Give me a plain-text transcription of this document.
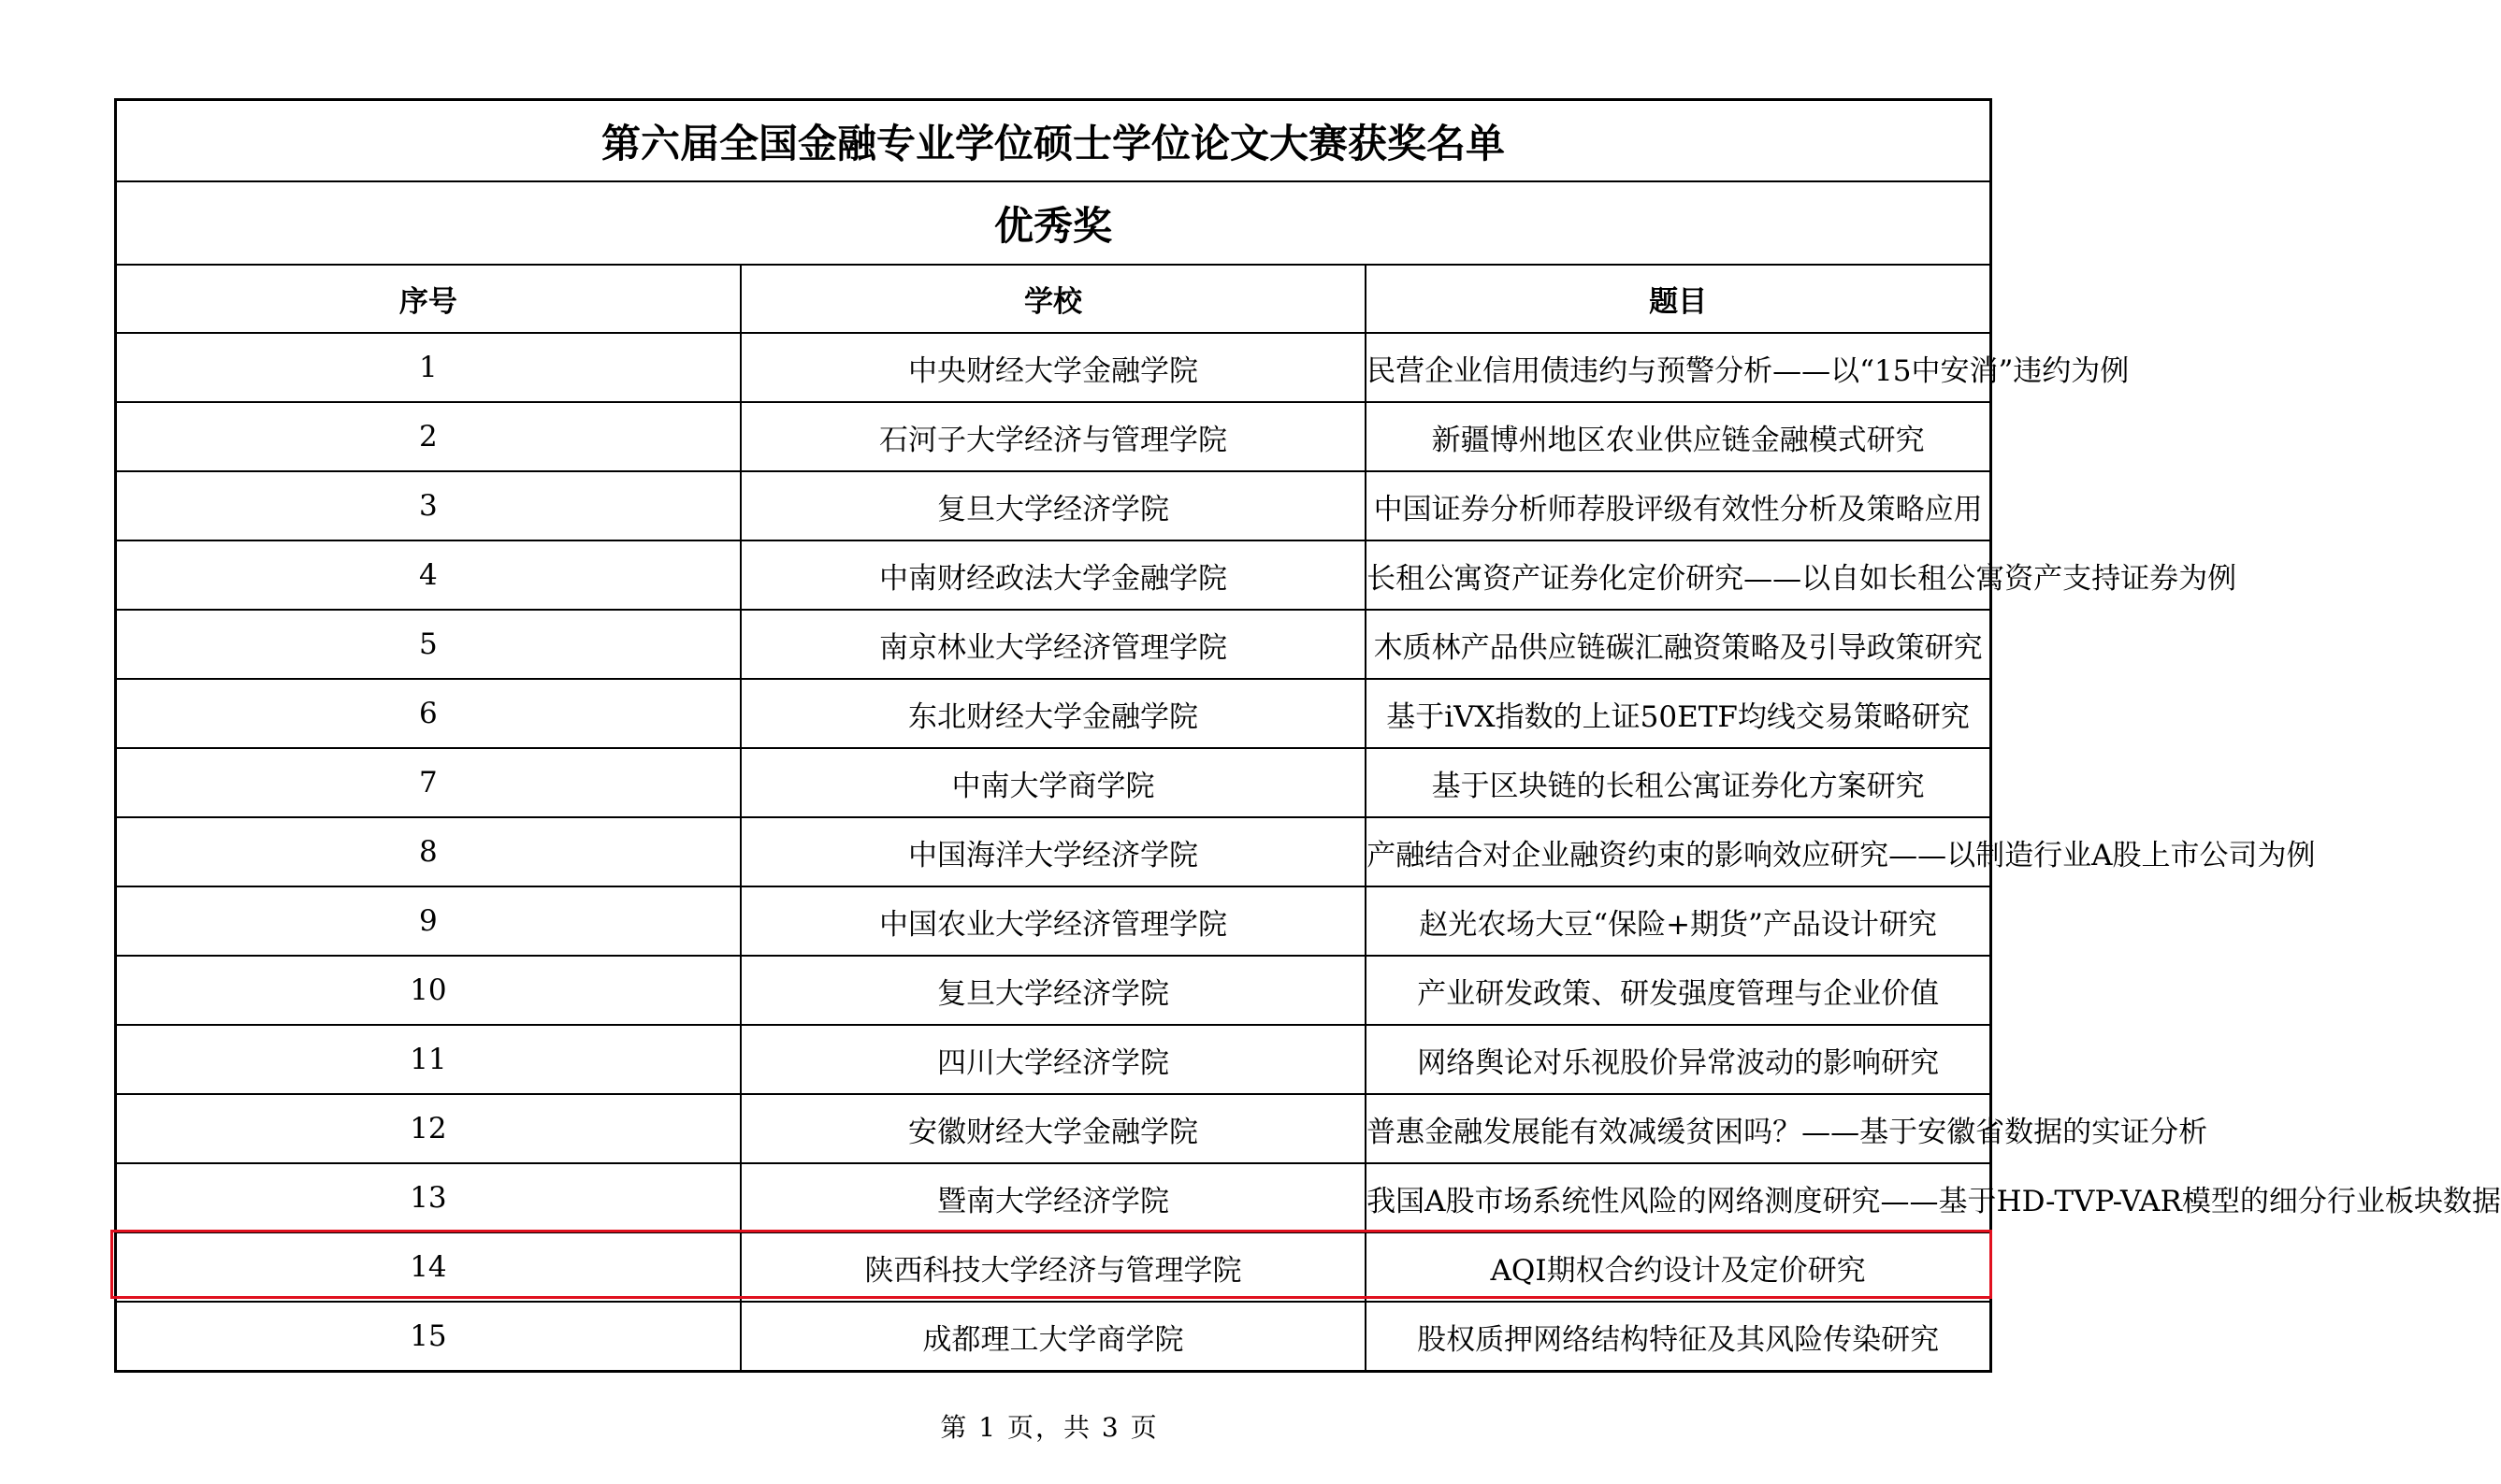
第六届全国金融专业学位硕士学位论文大赛获奖名单		
优秀奖		
序号	学校	题目
1	中央财经大学金融学院	民营企业信用债违约与预警分析——以“15中安消”违约为例
2	石河子大学经济与管理学院	新疆博州地区农业供应链金融模式研究
3	复旦大学经济学院	中国证券分析师荐股评级有效性分析及策略应用
4	中南财经政法大学金融学院	长租公寓资产证券化定价研究——以自如长租公寓资产支持证券为例
5	南京林业大学经济管理学院	木质林产品供应链碳汇融资策略及引导政策研究
6	东北财经大学金融学院	基于iVX指数的上证50ETF均线交易策略研究
7	中南大学商学院	基于区块链的长租公寓证券化方案研究
8	中国海洋大学经济学院	产融结合对企业融资约束的影响效应研究——以制造行业A股上市公司为例
9	中国农业大学经济管理学院	赵光农场大豆“保险+期货”产品设计研究
10	复旦大学经济学院	产业研发政策、研发强度管理与企业价值
11	四川大学经济学院	网络舆论对乐视股价异常波动的影响研究
12	安徽财经大学金融学院	普惠金融发展能有效减缓贫困吗？——基于安徽省数据的实证分析
13	暨南大学经济学院	我国A股市场系统性风险的网络测度研究——基于HD-TVP-VAR模型的细分行业板块数据
14	陕西科技大学经济与管理学院	AQI期权合约设计及定价研究
15	成都理工大学商学院	股权质押网络结构特征及其风险传染研究
第 1 页，共 3 页
